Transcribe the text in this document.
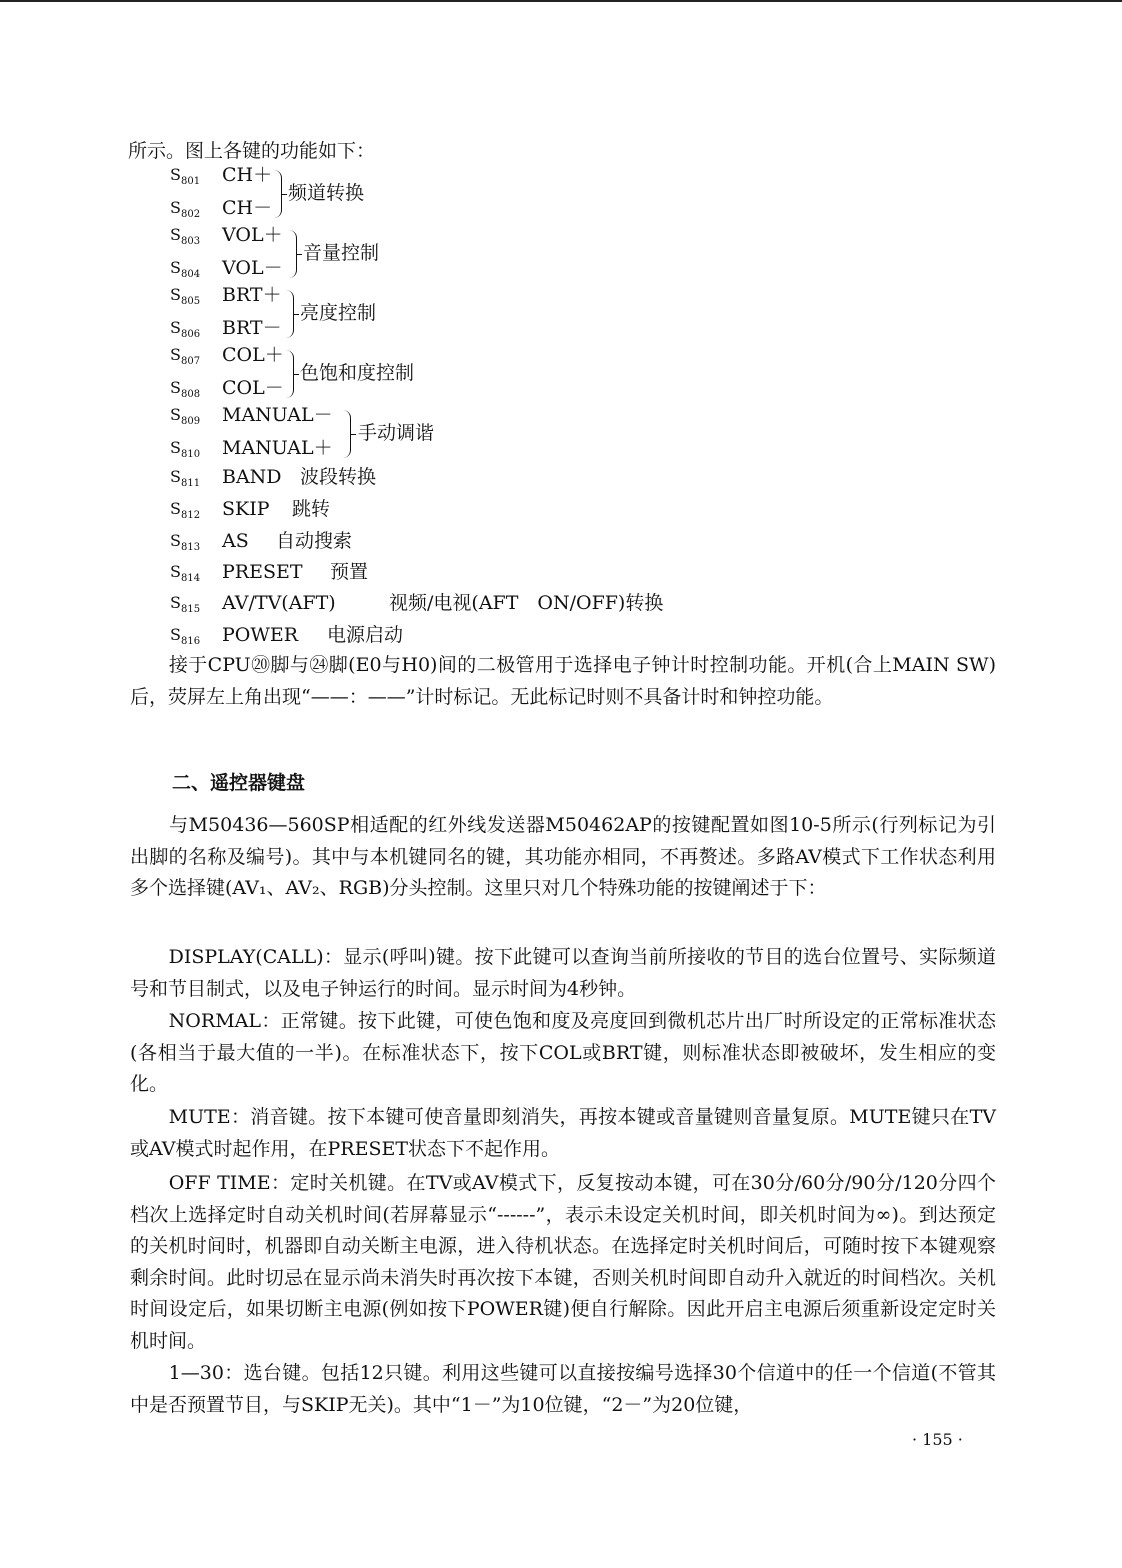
所示。图上各键的功能如下：
$S_{801}$ CH＋
$S_{802}$ CH－
频道转换
$S_{803}$ VOL＋
$S_{804}$ VOL－
音量控制
$S_{805}$ BRT＋
$S_{806}$ BRT－
亮度控制
$S_{807}$ COL＋
$S_{808}$ COL－
色饱和度控制
$S_{809}$ MANUAL－
$S_{810}$ MANUAL＋
手动调谐
$S_{811}$ BAND 波段转换
$S_{812}$ SKIP 跳转
$S_{813}$ AS 自动搜索
$S_{814}$ PRESET 预置
$S_{815}$ AV/TV(AFT)	视频/电视(AFT　ON/OFF)转换
$S_{816}$ POWER 电源启动
　　接于CPU⑳脚与㉔脚(E0与H0)间的二极管用于选择电子钟计时控制功能。开机(合上MAIN SW)后，荧屏左上角出现“——：——”计时标记。无此标记时则不具备计时和钟控功能。
二、遥控器键盘
　　与M50436—560SP相适配的红外线发送器M50462AP的按键配置如图10-5所示(行列标记为引出脚的名称及编号)。其中与本机键同名的键，其功能亦相同，不再赘述。多路AV模式下工作状态利用多个选择键(AV₁、AV₂、RGB)分头控制。这里只对几个特殊功能的按键阐述于下：
　　DISPLAY(CALL)：显示(呼叫)键。按下此键可以查询当前所接收的节目的选台位置号、实际频道号和节目制式，以及电子钟运行的时间。显示时间为4秒钟。
　　NORMAL：正常键。按下此键，可使色饱和度及亮度回到微机芯片出厂时所设定的正常标准状态(各相当于最大值的一半)。在标准状态下，按下COL或BRT键，则标准状态即被破坏，发生相应的变化。
　　MUTE：消音键。按下本键可使音量即刻消失，再按本键或音量键则音量复原。MUTE键只在TV或AV模式时起作用，在PRESET状态下不起作用。
　　OFF TIME：定时关机键。在TV或AV模式下，反复按动本键，可在30分/60分/90分/120分四个档次上选择定时自动关机时间(若屏幕显示“------”，表示未设定关机时间，即关机时间为∞)。到达预定的关机时间时，机器即自动关断主电源，进入待机状态。在选择定时关机时间后，可随时按下本键观察剩余时间。此时切忌在显示尚未消失时再次按下本键，否则关机时间即自动升入就近的时间档次。关机时间设定后，如果切断主电源(例如按下POWER键)便自行解除。因此开启主电源后须重新设定定时关机时间。
　　1—30：选台键。包括12只键。利用这些键可以直接按编号选择30个信道中的任一个信道(不管其中是否预置节目，与SKIP无关)。其中“1－”为10位键，“2－”为20位键，
· 155 ·
